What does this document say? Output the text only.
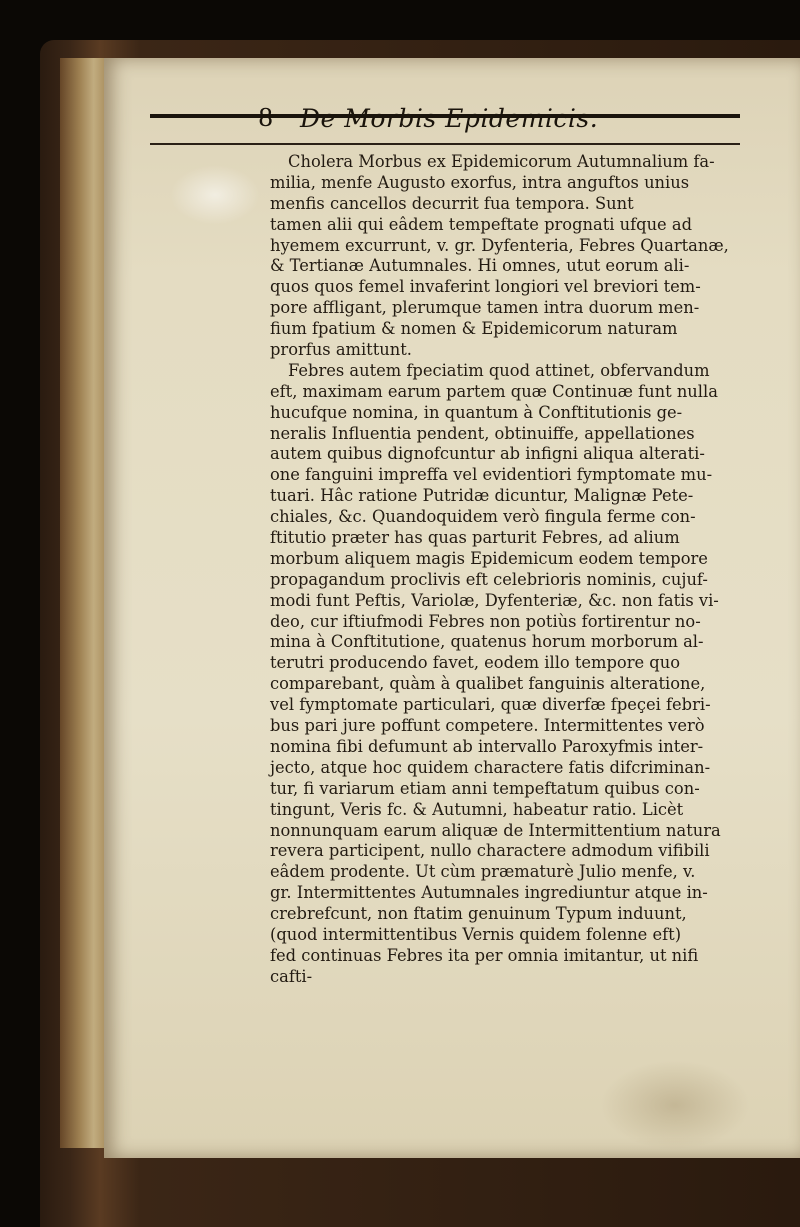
8 De Morbis Epidemicis.
Cholera Morbus ex Epidemicorum Autumnalium fa-
milia, menfe Augusto exorfus, intra anguftos unius
menfis cancellos decurrit fua tempora. Sunt
tamen alii qui eâdem tempeftate prognati ufque ad
hyemem excurrunt, v. gr. Dyfenteria, Febres Quartanæ,
& Tertianæ Autumnales. Hi omnes, utut eorum ali-
quos quos femel invaferint longiori vel breviori tem-
pore affligant, plerumque tamen intra duorum men-
fium fpatium & nomen & Epidemicorum naturam
prorfus amittunt.
Febres autem fpeciatim quod attinet, obfervandum
eft, maximam earum partem quæ Continuæ funt nulla
hucufque nomina, in quantum à Conftitutionis ge-
neralis Influentia pendent, obtinuiffe, appellationes
autem quibus dignofcuntur ab infigni aliqua alterati-
one fanguini impreffa vel evidentiori fymptomate mu-
tuari. Hâc ratione Putridæ dicuntur, Malignæ Pete-
chiales, &c. Quandoquidem verò fingula ferme con-
ftitutio præter has quas parturit Febres, ad alium
morbum aliquem magis Epidemicum eodem tempore
propagandum proclivis eft celebrioris nominis, cujuf-
modi funt Peftis, Variolæ, Dyfenteriæ, &c. non fatis vi-
deo, cur iftiufmodi Febres non potiùs fortirentur no-
mina à Conftitutione, quatenus horum morborum al-
terutri producendo favet, eodem illo tempore quo
comparebant, quàm à qualibet fanguinis alteratione,
vel fymptomate particulari, quæ diverfæ fpeçei febri-
bus pari jure poffunt competere. Intermittentes verò
nomina fibi defumunt ab intervallo Paroxyfmis inter-
jecto, atque hoc quidem charactere fatis difcriminan-
tur, fi variarum etiam anni tempeftatum quibus con-
tingunt, Veris fc. & Autumni, habeatur ratio. Licèt
nonnunquam earum aliquæ de Intermittentium natura
revera participent, nullo charactere admodum vifibili
eâdem prodente. Ut cùm præmaturè Julio menfe, v.
gr. Intermittentes Autumnales ingrediuntur atque in-
crebrefcunt, non ftatim genuinum Typum induunt,
(quod intermittentibus Vernis quidem folenne eft)
fed continuas Febres ita per omnia imitantur, ut nifi
cafti-
